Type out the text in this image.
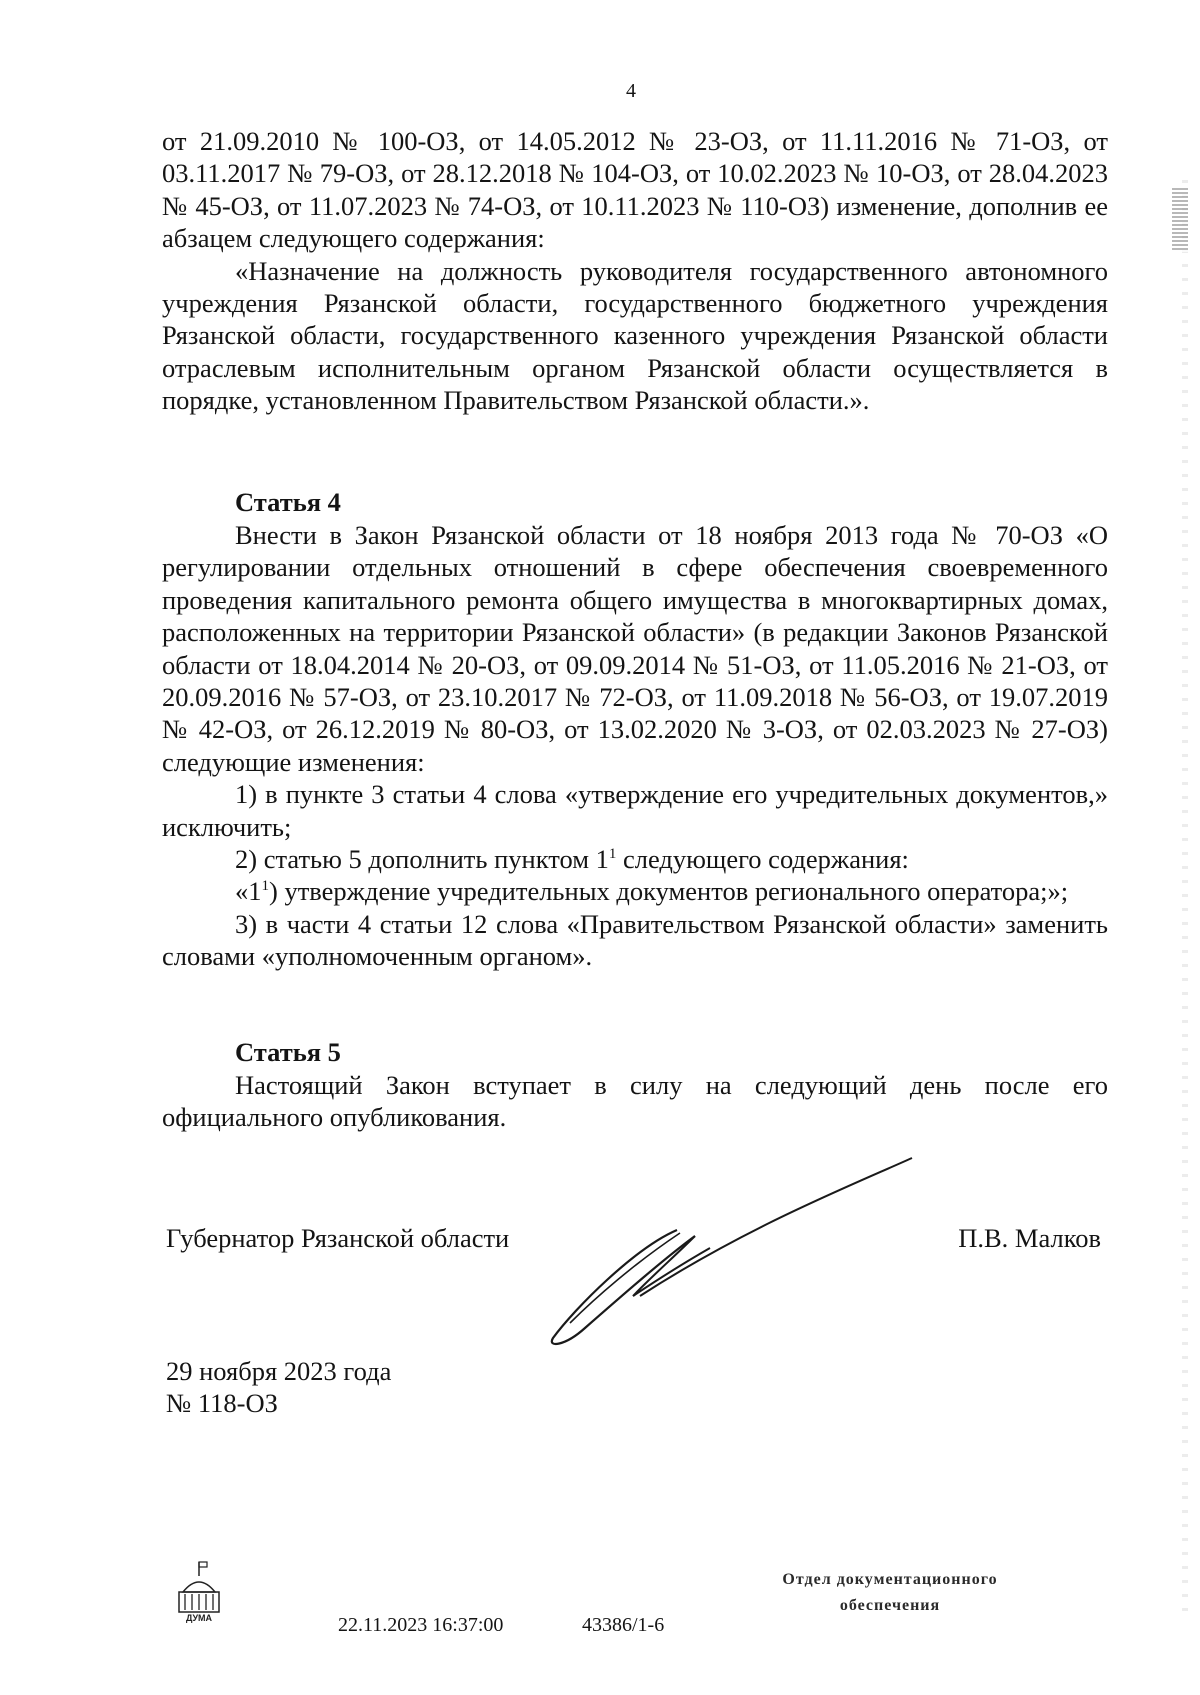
4

от 21.09.2010 № 100-ОЗ, от 14.05.2012 № 23-ОЗ, от 11.11.2016 № 71-ОЗ, от 03.11.2017 № 79-ОЗ, от 28.12.2018 № 104-ОЗ, от 10.02.2023 № 10-ОЗ, от 28.04.2023 № 45-ОЗ, от 11.07.2023 № 74-ОЗ, от 10.11.2023 № 110-ОЗ) изменение, дополнив ее абзацем следующего содержания:

«Назначение на должность руководителя государственного автономного учреждения Рязанской области, государственного бюджетного учреждения Рязанской области, государственного казенного учреждения Рязанской области отраслевым исполнительным органом Рязанской области осуществляется в порядке, установленном Правительством Рязанской области.».

Статья 4

Внести в Закон Рязанской области от 18 ноября 2013 года № 70-ОЗ «О регулировании отдельных отношений в сфере обеспечения своевременного проведения капитального ремонта общего имущества в многоквартирных домах, расположенных на территории Рязанской области» (в редакции Законов Рязанской области от 18.04.2014 № 20-ОЗ, от 09.09.2014 № 51-ОЗ, от 11.05.2016 № 21-ОЗ, от 20.09.2016 № 57-ОЗ, от 23.10.2017 № 72-ОЗ, от 11.09.2018 № 56-ОЗ, от 19.07.2019 № 42-ОЗ, от 26.12.2019 № 80-ОЗ, от 13.02.2020 № 3-ОЗ, от 02.03.2023 № 27-ОЗ) следующие изменения:

1) в пункте 3 статьи 4 слова «утверждение его учредительных документов,» исключить;

2) статью 5 дополнить пунктом $1^1$ следующего содержания:

«$1^1$) утверждение учредительных документов регионального оператора;»;

3) в части 4 статьи 12 слова «Правительством Рязанской области» заменить словами «уполномоченным органом».

Статья 5

Настоящий Закон вступает в силу на следующий день после его официального опубликования.

Губернатор Рязанской области	П.В. Малков
29 ноября 2023 года
№ 118-ОЗ
ДУМА	22.11.2023 16:37:00	43386/1-6
Отдел документационного
обеспечения
